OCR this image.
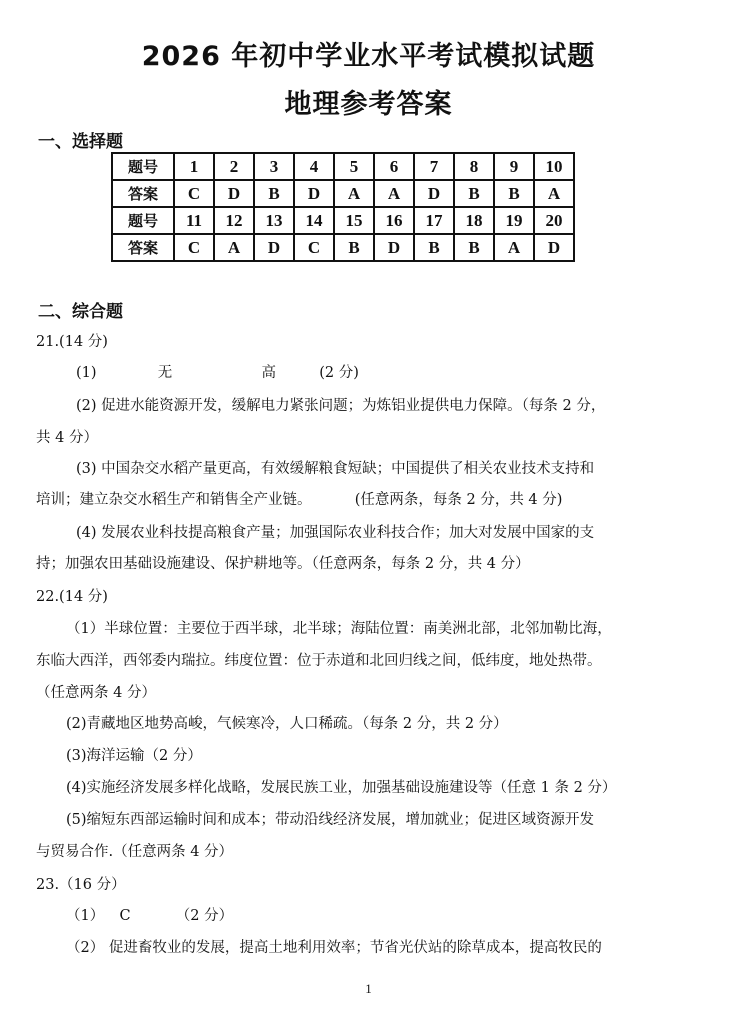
2026 年初中学业水平考试模拟试题
地理参考答案
一、选择题
题号	1	2	3	4	5	6	7	8	9	10
答案	C	D	B	D	A	A	D	B	B	A
题号	11	12	13	14	15	16	17	18	19	20
答案	C	A	D	C	B	D	B	B	A	D
二、综合题
21.(14 分)
(1)	无	高	(2 分)
(2) 促进水能资源开发，缓解电力紧张问题；为炼铝业提供电力保障。（每条 2 分，
共 4 分）
(3) 中国杂交水稻产量更高，有效缓解粮食短缺；中国提供了相关农业技术支持和
培训；建立杂交水稻生产和销售全产业链。	(任意两条，每条 2 分，共 4 分)
(4) 发展农业科技提高粮食产量；加强国际农业科技合作；加大对发展中国家的支
持；加强农田基础设施建设、保护耕地等。（任意两条，每条 2 分，共 4 分）
22.(14 分)
（1）半球位置：主要位于西半球，北半球；海陆位置：南美洲北部，北邻加勒比海，
东临大西洋，西邻委内瑞拉。纬度位置：位于赤道和北回归线之间，低纬度，地处热带。
（任意两条 4 分）
(2)青藏地区地势高峻，气候寒冷，人口稀疏。（每条 2 分，共 2 分）
(3)海洋运输（2 分）
(4)实施经济发展多样化战略，发展民族工业，加强基础设施建设等（任意 1 条 2 分）
(5)缩短东西部运输时间和成本；带动沿线经济发展，增加就业；促进区域资源开发
与贸易合作.（任意两条 4 分）
23.（16 分）
（1） C	（2 分）
（2） 促进畜牧业的发展，提高土地利用效率；节省光伏站的除草成本，提高牧民的
1
